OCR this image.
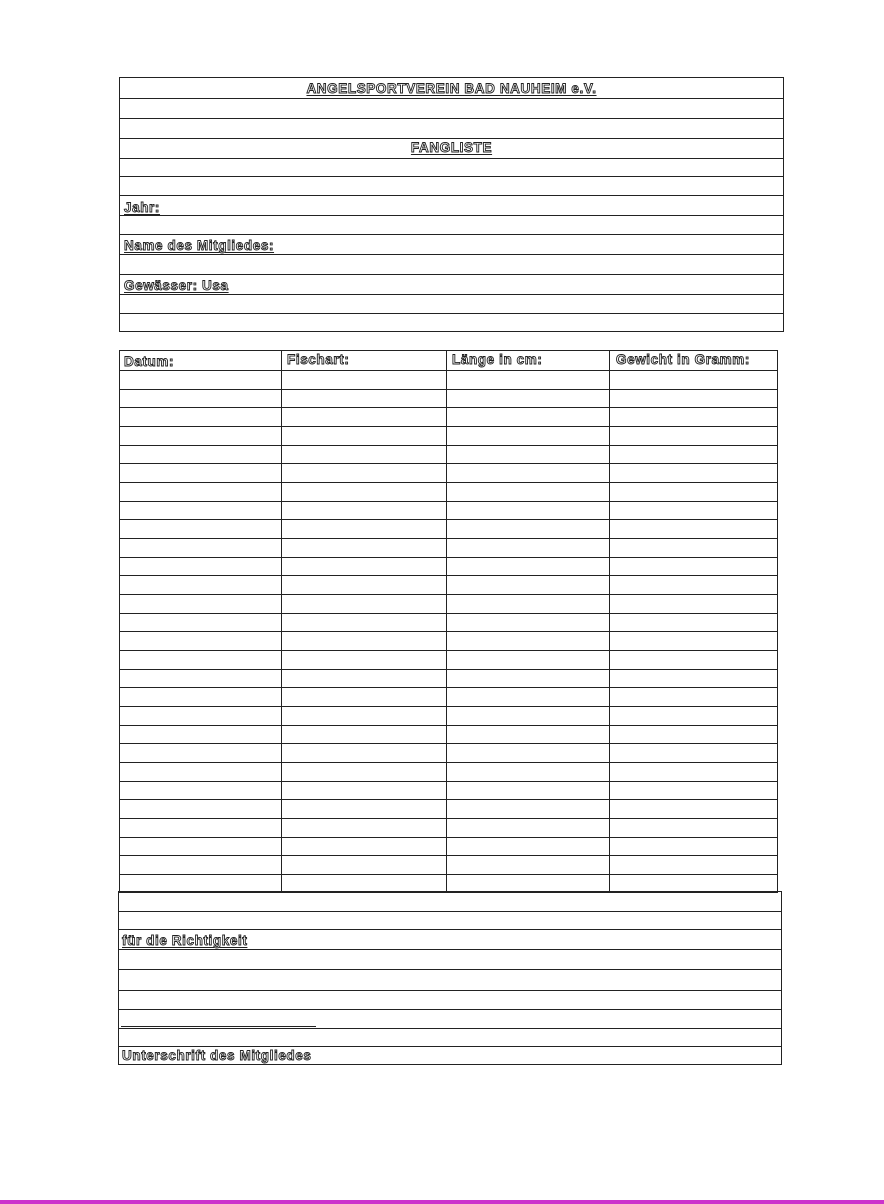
ANGELSPORTVEREIN BAD NAUHEIM e.V.
FANGLISTE
Jahr:
Name des Mitgliedes:
Gewässer: Usa
Datum:	Fischart:	Länge in cm:	Gewicht in Gramm:
für die Richtigkeit
Unterschrift des Mitgliedes
